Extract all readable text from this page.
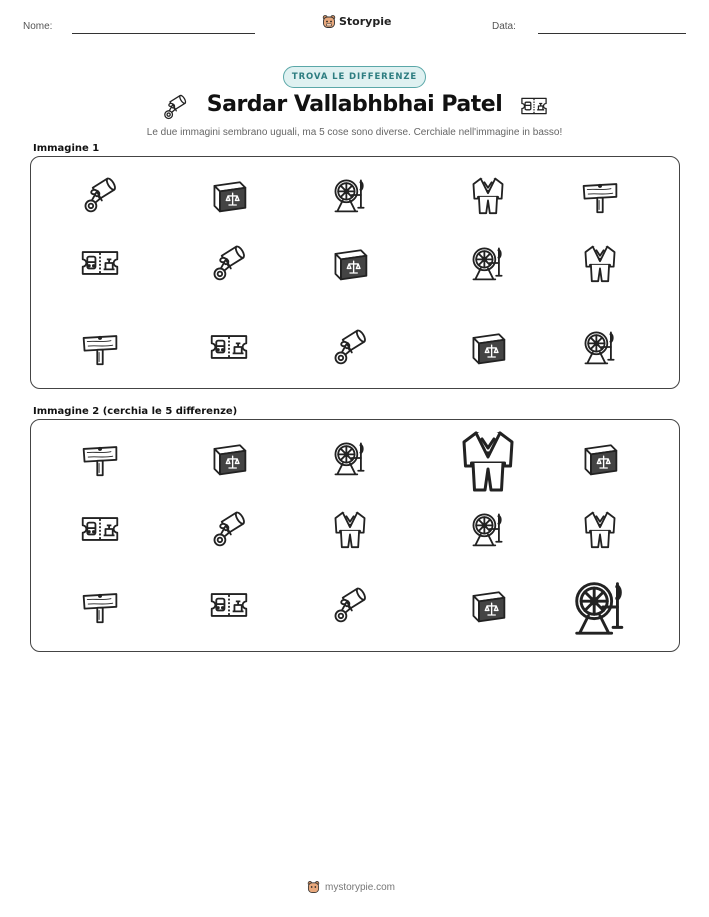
Nome:	Storypie	Data:
TROVA LE DIFFERENZE
Sardar Vallabhbhai Patel
Le due immagini sembrano uguali, ma 5 cose sono diverse. Cerchiale nell'immagine in basso!
Immagine 1
Immagine 2 (cerchia le 5 differenze)
mystorypie.com
